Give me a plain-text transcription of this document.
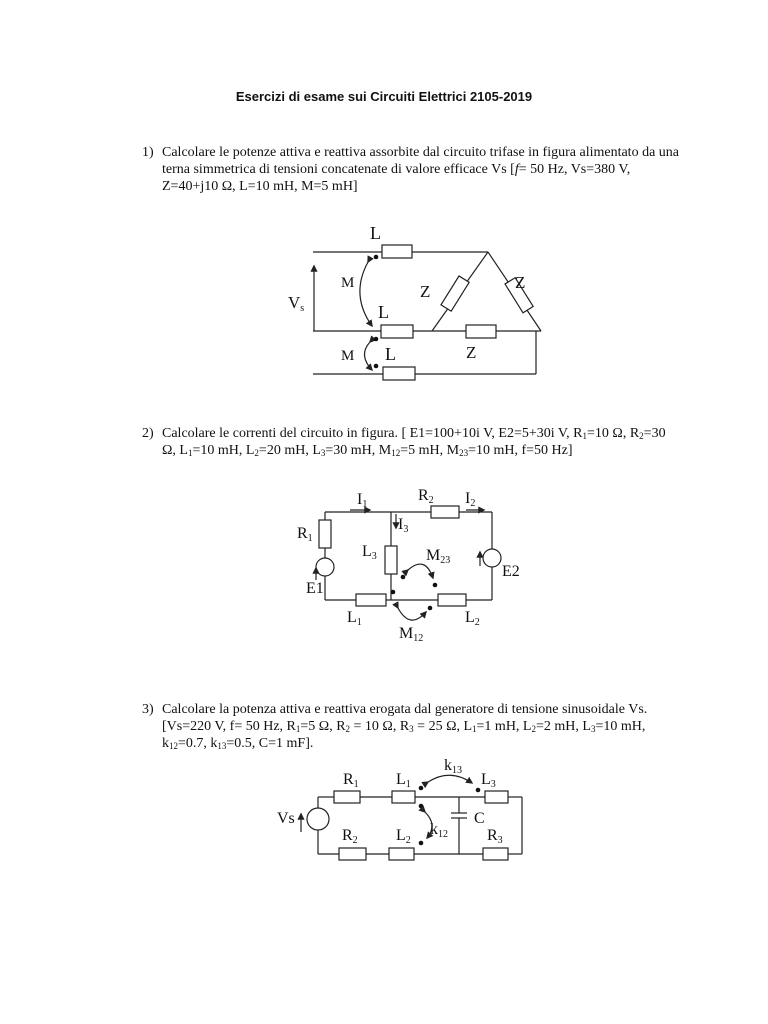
Esercizi di esame sui Circuiti Elettrici 2105-2019
1) Calcolare le potenze attiva e reattiva assorbite dal circuito trifase in figura alimentato da una terna simmetrica di tensioni concatenate di valore efficace Vs [f= 50 Hz, Vs=380 V, Z=40+j10 Ω, L=10 mH, M=5 mH]
2) Calcolare le correnti del circuito in figura. [ E1=100+10i V, E2=5+30i V, $R_1=10$ Ω, $R_2=30$ Ω, $L_1=10$ mH, $L_2=20$ mH, $L_3=30$ mH, $M_{12}=5$ mH, $M_{23}=10$ mH, f=50 Hz]
3) Calcolare la potenza attiva e reattiva erogata dal generatore di tensione sinusoidale Vs. [Vs=220 V, f= 50 Hz, $R_1=5$ Ω, $R_2 = 10$ Ω, $R_3 = 25$ Ω, $L_1=1$ mH, $L_2=2$ mH, $L_3=10$ mH, $k_{12}=0.7$, $k_{13}=0.5$, C=1 mF].
Vs
L
L
L
M
M
Z	Z
Z
I1
R2 I2
I3
R1
L3	M23
E1
E2
L1	L2
M12
Vs
R1 L1
k13
L3
C
k12
R2 L2	R3
